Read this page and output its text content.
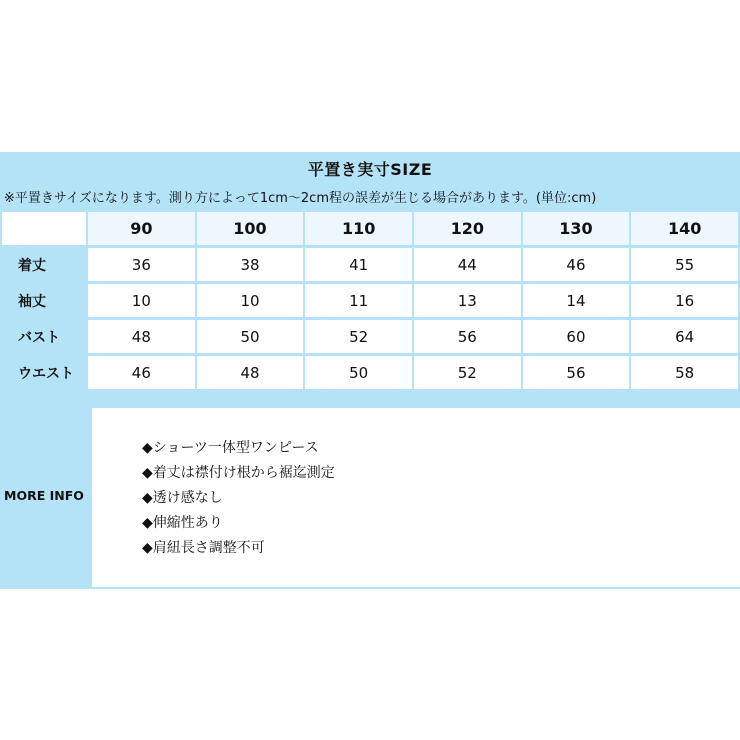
平置き実寸SIZE
※平置きサイズになります。測り方によって1cm〜2cm程の誤差が生じる場合があります。(単位:cm)
	90	100	110	120	130	140
着丈	36	38	41	44	46	55
袖丈	10	10	11	13	14	16
バスト	48	50	52	56	60	64
ウエスト	46	48	50	52	56	58
MORE INFO
◆ショーツ一体型ワンピース
◆着丈は襟付け根から裾迄測定
◆透け感なし
◆伸縮性あり
◆肩紐長さ調整不可
